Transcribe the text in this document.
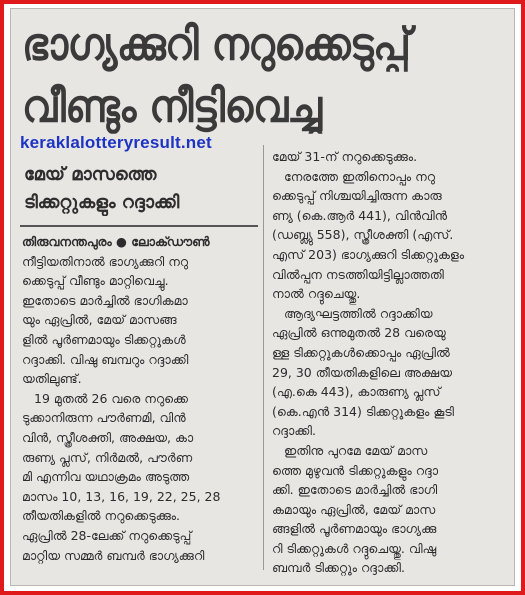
ഭാഗ്യക്കുറി നറുക്കെടുപ്പ്
വീണ്ടും നീട്ടിവെച്ചു
keraklalotteryresult.net
മേയ് മാസത്തെ
ടിക്കറ്റുകളും റദ്ദാക്കി
തിരുവനന്തപുരം ● ലോക്ഡൗൺ
നീട്ടിയതിനാൽ ഭാഗ്യക്കുറി നറു
ക്കെടുപ്പ് വീണ്ടും മാറ്റിവെച്ചു.
ഇതോടെ മാർച്ചിൽ ഭാഗികമാ
യും ഏപ്രിൽ, മേയ് മാസങ്ങ
ളിൽ പൂർണമായും ടിക്കറ്റുകൾ
റദ്ദാക്കി. വിഷു ബമ്പറും റദ്ദാക്കി
യതിലുണ്ട്.
19 മുതൽ 26 വരെ നറുക്കെ
ടുക്കാനിരുന്ന പൗർണമി, വിൻ
വിൻ, സ്ത്രീശക്തി, അക്ഷയ, കാ
രുണ്യ പ്ലസ്, നിർമൽ, പൗർണ
മി എന്നിവ യഥാക്രമം അടുത്ത
മാസം 10, 13, 16, 19, 22, 25, 28
തീയതികളിൽ നറുക്കെടുക്കും.
ഏപ്രിൽ 28-ലേക്ക് നറുക്കെടുപ്പ്
മാറ്റിയ സമ്മർ ബമ്പർ ഭാഗ്യക്കുറി
മേയ് 31-ന് നറുക്കെടുക്കും.
നേരത്തേ ഇതിനൊപ്പം നറു
ക്കെടുപ്പ് നിശ്ചയിച്ചിരുന്ന കാരു
ണ്യ (കെ.ആർ 441), വിൻവിൻ
(ഡബ്ല്യു 558), സ്ത്രീശക്തി (എസ്.
എസ് 203) ഭാഗ്യക്കുറി ടിക്കറ്റുകളം
വിൽപ്പന നടത്തിയിട്ടില്ലാത്തതി
നാൽ റദ്ദുചെയ്തു.
ആദ്യഘട്ടത്തിൽ റദ്ദാക്കിയ
ഏപ്രിൽ ഒന്നുമുതൽ 28 വരെയു
ള്ള ടിക്കറ്റുകൾക്കൊപ്പം ഏപ്രിൽ
29, 30 തീയതികളിലെ അക്ഷയ
(എ.കെ 443), കാരുണ്യ പ്ലസ്
(കെ.എൻ 314) ടിക്കറ്റുകളം കൂടി
റദ്ദാക്കി.
ഇതിനു പുറമേ മേയ് മാസ
ത്തെ മുഴുവൻ ടിക്കറ്റുകളും റദ്ദാ
ക്കി. ഇതോടെ മാർച്ചിൽ ഭാഗി
കമായും ഏപ്രിൽ, മേയ് മാസ
ങ്ങളിൽ പൂർണമായും ഭാഗ്യക്കു
റി ടിക്കറ്റുകൾ റദ്ദുചെയ്തു. വിഷു
ബമ്പർ ടിക്കറ്റും റദ്ദാക്കി.
